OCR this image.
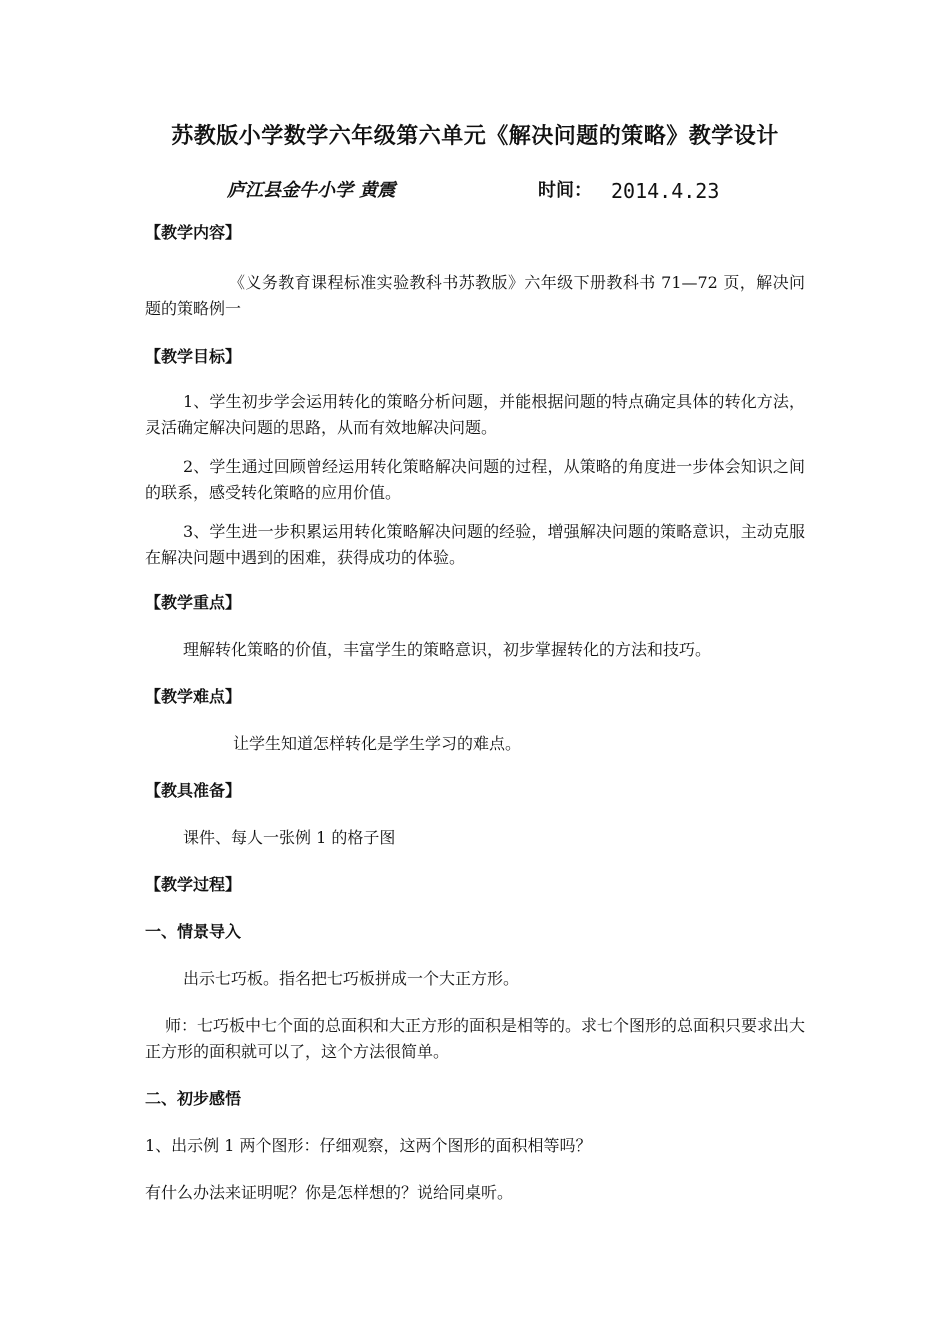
苏教版小学数学六年级第六单元《解决问题的策略》教学设计
庐江县金牛小学 黄震	时间： 2014.4.23

【教学内容】

《义务教育课程标准实验教科书苏教版》六年级下册教科书 71—72 页，解决问题的策略例一

【教学目标】

1、学生初步学会运用转化的策略分析问题，并能根据问题的特点确定具体的转化方法，灵活确定解决问题的思路，从而有效地解决问题。

2、学生通过回顾曾经运用转化策略解决问题的过程，从策略的角度进一步体会知识之间的联系，感受转化策略的应用价值。

3、学生进一步积累运用转化策略解决问题的经验，增强解决问题的策略意识，主动克服在解决问题中遇到的困难，获得成功的体验。

【教学重点】

理解转化策略的价值，丰富学生的策略意识，初步掌握转化的方法和技巧。

【教学难点】

让学生知道怎样转化是学生学习的难点。

【教具准备】

课件、每人一张例 1 的格子图

【教学过程】

一、情景导入

出示七巧板。指名把七巧板拼成一个大正方形。

师：七巧板中七个面的总面积和大正方形的面积是相等的。求七个图形的总面积只要求出大正方形的面积就可以了，这个方法很简单。

二、初步感悟

1、出示例 1 两个图形：仔细观察，这两个图形的面积相等吗？

有什么办法来证明呢？你是怎样想的？说给同桌听。
